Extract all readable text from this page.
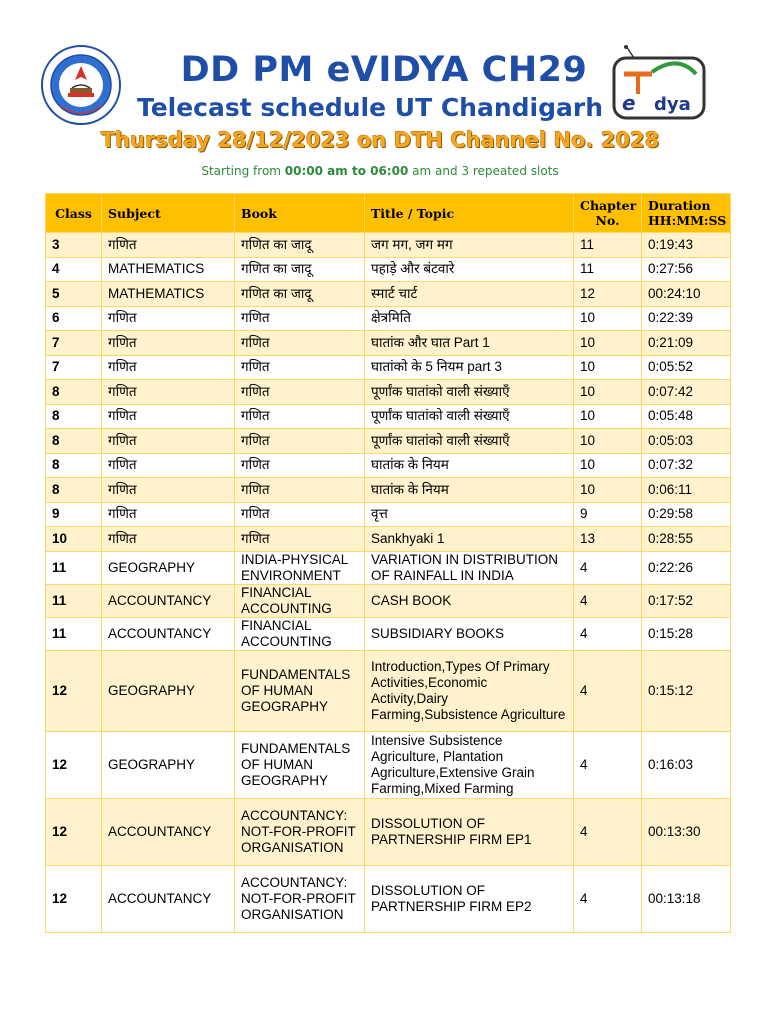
DD PM eVIDYA CH29
Telecast schedule UT Chandigarh
Thursday 28/12/2023 on DTH Channel No. 2028
Starting from 00:00 am to 06:00 am and 3 repeated slots
e dya
Class	Subject	Book	Title / Topic	Chapter No.	Duration HH:MM:SS
3	गणित	गणित का जादू	जग मग, जग मग	11	0:19:43
4	MATHEMATICS	गणित का जादू	पहाड़े और बंटवारे	11	0:27:56
5	MATHEMATICS	गणित का जादू	स्मार्ट चार्ट	12	00:24:10
6	गणित	गणित	क्षेत्रमिति	10	0:22:39
7	गणित	गणित	घातांक और घात Part 1	10	0:21:09
7	गणित	गणित	घातांको के 5 नियम part 3	10	0:05:52
8	गणित	गणित	पूर्णांक घातांको वाली संख्याएँ	10	0:07:42
8	गणित	गणित	पूर्णांक घातांको वाली संख्याएँ	10	0:05:48
8	गणित	गणित	पूर्णांक घातांको वाली संख्याएँ	10	0:05:03
8	गणित	गणित	घातांक के नियम	10	0:07:32
8	गणित	गणित	घातांक के नियम	10	0:06:11
9	गणित	गणित	वृत्त	9	0:29:58
10	गणित	गणित	Sankhyaki 1	13	0:28:55
11	GEOGRAPHY	INDIA-PHYSICAL ENVIRONMENT	VARIATION IN DISTRIBUTION OF RAINFALL IN INDIA	4	0:22:26
11	ACCOUNTANCY	FINANCIAL ACCOUNTING	CASH BOOK	4	0:17:52
11	ACCOUNTANCY	FINANCIAL ACCOUNTING	SUBSIDIARY BOOKS	4	0:15:28
12	GEOGRAPHY	FUNDAMENTALS OF HUMAN GEOGRAPHY	Introduction,Types Of Primary Activities,Economic Activity,Dairy Farming,Subsistence Agriculture	4	0:15:12
12	GEOGRAPHY	FUNDAMENTALS OF HUMAN GEOGRAPHY	Intensive Subsistence Agriculture, Plantation Agriculture,Extensive Grain Farming,Mixed Farming	4	0:16:03
12	ACCOUNTANCY	ACCOUNTANCY: NOT-FOR-PROFIT ORGANISATION	DISSOLUTION OF PARTNERSHIP FIRM EP1	4	00:13:30
12	ACCOUNTANCY	ACCOUNTANCY: NOT-FOR-PROFIT ORGANISATION	DISSOLUTION OF PARTNERSHIP FIRM EP2	4	00:13:18
